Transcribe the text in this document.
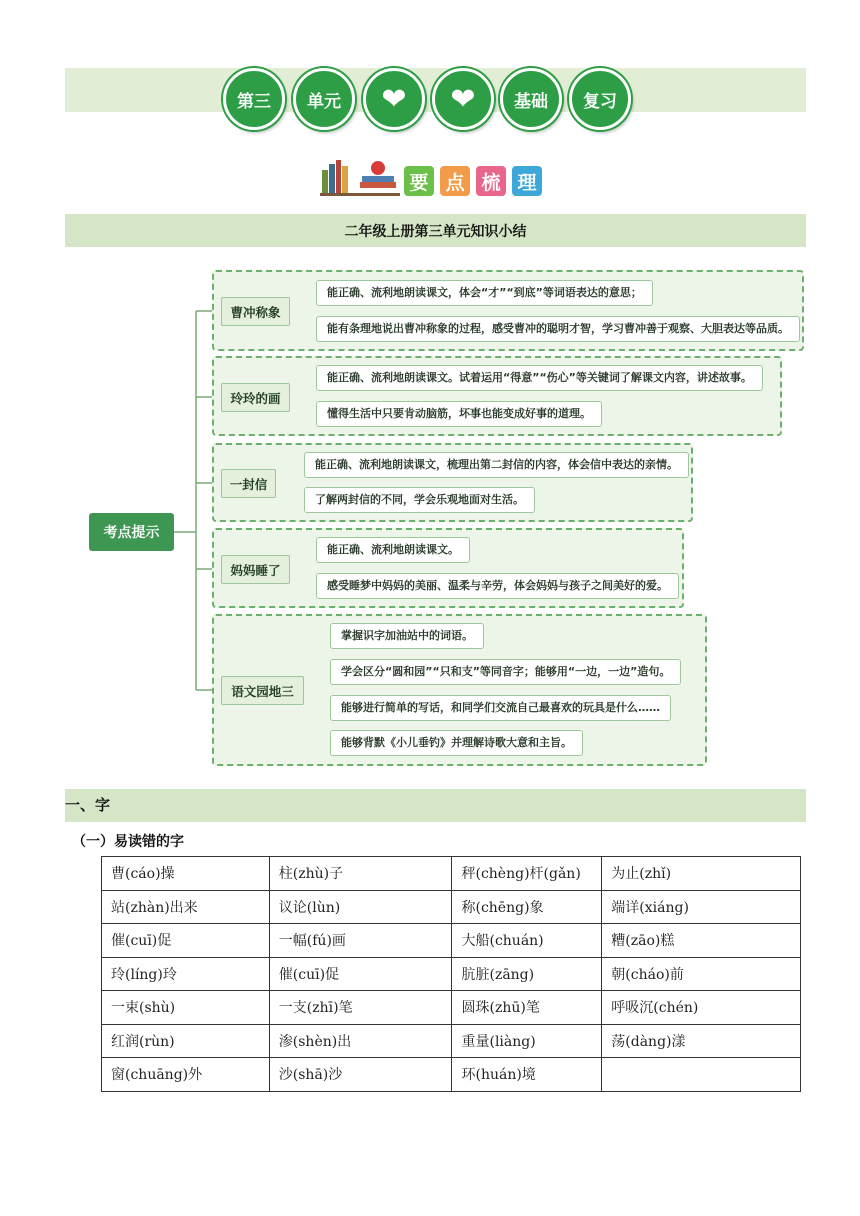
第三	单元	❤	❤	基础	复习
要 点 梳 理
二年级上册第三单元知识小结
考点提示
曹冲称象
能正确、流利地朗读课文，体会“才”“到底”等词语表达的意思；
能有条理地说出曹冲称象的过程，感受曹冲的聪明才智，学习曹冲善于观察、大胆表达等品质。
玲玲的画
能正确、流利地朗读课文。试着运用“得意”“伤心”等关键词了解课文内容，讲述故事。
懂得生活中只要肯动脑筋，坏事也能变成好事的道理。
一封信
能正确、流利地朗读课文，梳理出第二封信的内容，体会信中表达的亲情。
了解两封信的不同，学会乐观地面对生活。
妈妈睡了
能正确、流利地朗读课文。
感受睡梦中妈妈的美丽、温柔与辛劳，体会妈妈与孩子之间美好的爱。
语文园地三
掌握识字加油站中的词语。
学会区分“圆和园”“只和支”等同音字；能够用“一边，一边”造句。
能够进行简单的写话，和同学们交流自己最喜欢的玩具是什么……
能够背默《小儿垂钓》并理解诗歌大意和主旨。
一、字
（一）易读错的字
曹(cáo)操	柱(zhù)子	秤(chèng)杆(gǎn)	为止(zhǐ)
站(zhàn)出来	议论(lùn)	称(chēng)象	端详(xiáng)
催(cuī)促	一幅(fú)画	大船(chuán)	糟(zāo)糕
玲(líng)玲	催(cuī)促	肮脏(zāng)	朝(cháo)前
一束(shù)	一支(zhī)笔	圆珠(zhū)笔	呼吸沉(chén)
红润(rùn)	渗(shèn)出	重量(liàng)	荡(dàng)漾
窗(chuāng)外	沙(shā)沙	环(huán)境	
